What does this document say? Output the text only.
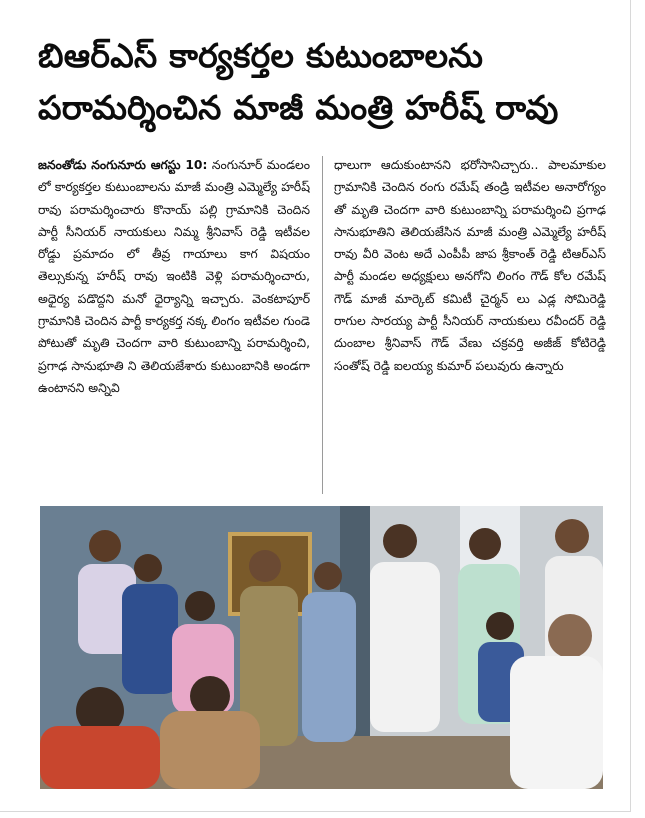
బిఆర్ఎస్ కార్యకర్తల కుటుంబాలను
పరామర్శించిన మాజీ మంత్రి హరీష్ రావు

జనంతోడు నంగునూరు ఆగస్టు 10: నంగునూర్ మండలం లో కార్యకర్తల కుటుంబాలను మాజీ మంత్రి ఎమ్మెల్యే హరీష్ రావు పరామర్శించారు కొనాయ్ పల్లి గ్రామానికి చెందిన పార్టీ సీనియర్ నాయకులు నిమ్మ శ్రీనివాస్ రెడ్డి ఇటీవల రోడ్డు ప్రమాదం లో తీవ్ర గాయాలు కాగ విషయం తెల్సుకున్న హరీష్ రావు ఇంటికి వెళ్లి పరామర్శించారు, అధైర్య పడొద్దని మనో ధైర్యాన్ని ఇచ్చారు. వెంకటాపూర్ గ్రామానికి చెందిన పార్టీ కార్యకర్త నక్క లింగం ఇటీవల గుండె పోటుతో మృతి చెందగా వారి కుటుంబాన్ని పరామర్శించి, ప్రగాఢ సానుభూతి ని తెలియజేశారు కుటుంబానికి అండగా ఉంటానని అన్నివి

ధాలుగా ఆదుకుంటానని భరోసానిచ్చారు.. పాలమాకుల గ్రామానికి చెందిన రంగు రమేష్ తండ్రి ఇటీవల అనారోగ్యం తో మృతి చెందగా వారి కుటుంబాన్ని పరామర్శించి ప్రగాఢ సానుభూతిని తెలియజేసిన మాజీ మంత్రి ఎమ్మెల్యే హరీష్ రావు వీరి వెంట అదే ఎంపీపీ జాప శ్రీకాంత్ రెడ్డి టిఆర్ఎస్ పార్టీ మండల అధ్యక్షులు అనగోని లింగం గౌడ్ కోల రమేష్ గౌడ్ మాజీ మార్కెట్ కమిటీ చైర్మన్ లు ఎడ్ల సోమిరెడ్డి రాగుల సారయ్య పార్టీ సీనియర్ నాయకులు రవీందర్ రెడ్డి దుంబాల శ్రీనివాస్ గౌడ్ వేణు చక్రవర్తి అజీజ్ కోటిరెడ్డి సంతోష్ రెడ్డి ఐలయ్య కుమార్ పలువురు ఉన్నారు
